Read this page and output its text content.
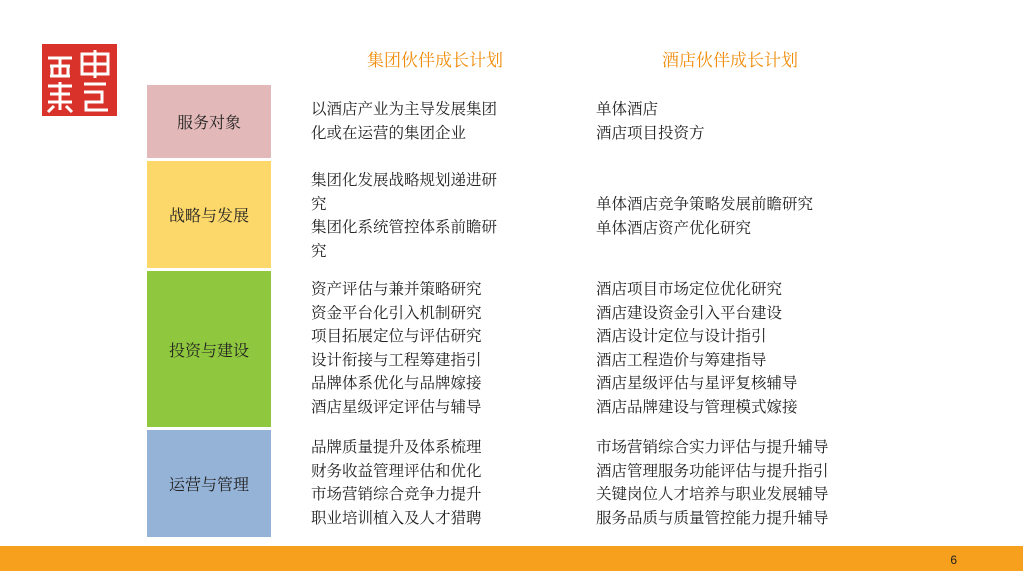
集团伙伴成长计划	酒店伙伴成长计划
服务对象
战略与发展
投资与建设
运营与管理
以酒店产业为主导发展集团
化或在运营的集团企业
单体酒店
酒店项目投资方
集团化发展战略规划递进研
究
集团化系统管控体系前瞻研
究
单体酒店竞争策略发展前瞻研究
单体酒店资产优化研究
资产评估与兼并策略研究
资金平台化引入机制研究
项目拓展定位与评估研究
设计衔接与工程筹建指引
品牌体系优化与品牌嫁接
酒店星级评定评估与辅导
酒店项目市场定位优化研究
酒店建设资金引入平台建设
酒店设计定位与设计指引
酒店工程造价与筹建指导
酒店星级评估与星评复核辅导
酒店品牌建设与管理模式嫁接
品牌质量提升及体系梳理
财务收益管理评估和优化
市场营销综合竞争力提升
职业培训植入及人才猎聘
市场营销综合实力评估与提升辅导
酒店管理服务功能评估与提升指引
关键岗位人才培养与职业发展辅导
服务品质与质量管控能力提升辅导
6
